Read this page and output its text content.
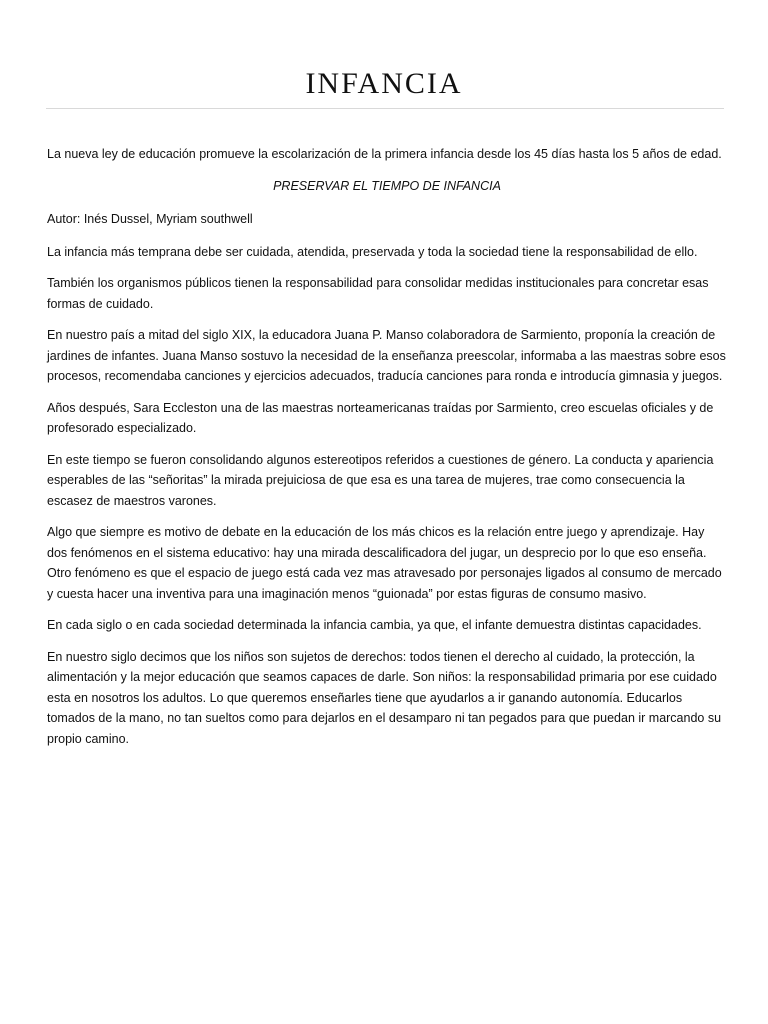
INFANCIA

La nueva ley de educación promueve la escolarización de la primera infancia desde los 45 días hasta los 5 años de edad.

PRESERVAR EL TIEMPO DE INFANCIA

Autor: Inés Dussel, Myriam southwell

La infancia más temprana debe ser cuidada, atendida, preservada y toda la sociedad tiene la responsabilidad de ello.

También los organismos públicos tienen la responsabilidad para consolidar medidas institucionales para concretar esas formas de cuidado.

En nuestro país a mitad del siglo XIX, la educadora Juana P. Manso colaboradora de Sarmiento, proponía la creación de jardines de infantes. Juana Manso sostuvo la necesidad de la enseñanza preescolar, informaba a las maestras sobre esos procesos, recomendaba canciones y ejercicios adecuados, traducía canciones para ronda e introducía gimnasia y juegos.

Años después, Sara Eccleston una de las maestras norteamericanas traídas por Sarmiento, creo escuelas oficiales y de profesorado especializado.

En este tiempo se fueron consolidando algunos estereotipos referidos a cuestiones de género. La conducta y apariencia esperables de las “señoritas” la mirada prejuiciosa de que esa es una tarea de mujeres, trae como consecuencia la escasez de maestros varones.

Algo que siempre es motivo de debate en la educación de los más chicos es la relación entre juego y aprendizaje. Hay dos fenómenos en el sistema educativo: hay una mirada descalificadora del jugar, un desprecio por lo que eso enseña. Otro fenómeno es que el espacio de juego está cada vez mas atravesado por personajes ligados al consumo de mercado y cuesta hacer una inventiva para una imaginación menos “guionada” por estas figuras de consumo masivo.

En cada siglo o en cada sociedad determinada la infancia cambia, ya que, el infante demuestra distintas capacidades.

En nuestro siglo decimos que los niños son sujetos de derechos: todos tienen el derecho al cuidado, la protección, la alimentación y la mejor educación que seamos capaces de darle. Son niños: la responsabilidad primaria por ese cuidado esta en nosotros los adultos. Lo que queremos enseñarles tiene que ayudarlos a ir ganando autonomía. Educarlos tomados de la mano, no tan sueltos como para dejarlos en el desamparo ni tan pegados para que puedan ir marcando su propio camino.
